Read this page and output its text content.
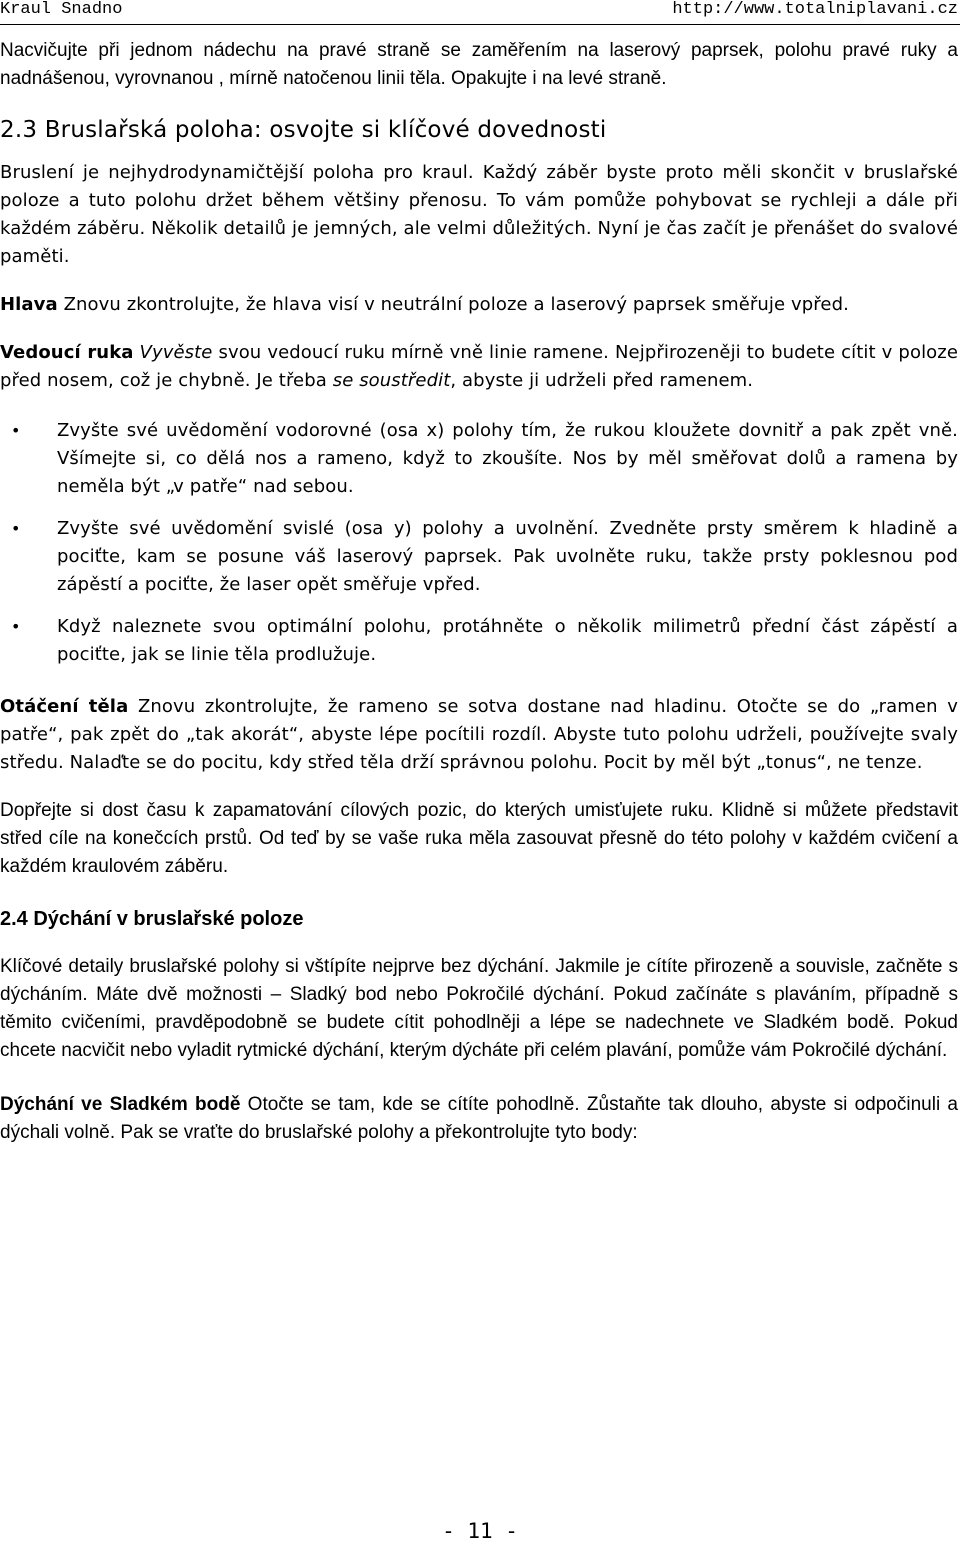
Kraul Snadno	http://www.totalniplavani.cz

Nacvičujte při jednom nádechu na pravé straně se zaměřením na laserový paprsek, polohu pravé ruky a nadnášenou, vyrovnanou , mírně natočenou linii těla. Opakujte i na levé straně.

2.3 Bruslařská poloha: osvojte si klíčové dovednosti

Bruslení je nejhydrodynamičtější poloha pro kraul. Každý záběr byste proto měli skončit v bruslařské poloze a tuto polohu držet během většiny přenosu. To vám pomůže pohybovat se rychleji a dále při každém záběru. Několik detailů je jemných, ale velmi důležitých. Nyní je čas začít je přenášet do svalové paměti.

Hlava Znovu zkontrolujte, že hlava visí v neutrální poloze a laserový paprsek směřuje vpřed.

Vedoucí ruka Vyvěste svou vedoucí ruku mírně vně linie ramene. Nejpřirozeněji to budete cítit v poloze před nosem, což je chybně. Je třeba se soustředit, abyste ji udrželi před ramenem.

• Zvyšte své uvědomění vodorovné (osa x) polohy tím, že rukou kloužete dovnitř a pak zpět vně. Všímejte si, co dělá nos a rameno, když to zkoušíte. Nos by měl směřovat dolů a ramena by neměla být „v patře“ nad sebou.
• Zvyšte své uvědomění svislé (osa y) polohy a uvolnění. Zvedněte prsty směrem k hladině a pociťte, kam se posune váš laserový paprsek. Pak uvolněte ruku, takže prsty poklesnou pod zápěstí a pociťte, že laser opět směřuje vpřed.
• Když naleznete svou optimální polohu, protáhněte o několik milimetrů přední část zápěstí a pociťte, jak se linie těla prodlužuje.

Otáčení těla Znovu zkontrolujte, že rameno se sotva dostane nad hladinu. Otočte se do „ramen v patře“, pak zpět do „tak akorát“, abyste lépe pocítili rozdíl. Abyste tuto polohu udrželi, používejte svaly středu. Nalaďte se do pocitu, kdy střed těla drží správnou polohu. Pocit by měl být „tonus“, ne tenze.

Dopřejte si dost času k zapamatování cílových pozic, do kterých umisťujete ruku. Klidně si můžete představit střed cíle na konečcích prstů. Od teď by se vaše ruka měla zasouvat přesně do této polohy v každém cvičení a každém kraulovém záběru.

2.4 Dýchání v bruslařské poloze

Klíčové detaily bruslařské polohy si vštípíte nejprve bez dýchání. Jakmile je cítíte přirozeně a souvisle, začněte s dýcháním. Máte dvě možnosti – Sladký bod nebo Pokročilé dýchání. Pokud začínáte s plaváním, případně s těmito cvičeními, pravděpodobně se budete cítit pohodlněji a lépe se nadechnete ve Sladkém bodě. Pokud chcete nacvičit nebo vyladit rytmické dýchání, kterým dýcháte při celém plavání, pomůže vám Pokročilé dýchání.

Dýchání ve Sladkém bodě Otočte se tam, kde se cítíte pohodlně. Zůstaňte tak dlouho, abyste si odpočinuli a dýchali volně. Pak se vraťte do bruslařské polohy a překontrolujte tyto body:

- 11 -
